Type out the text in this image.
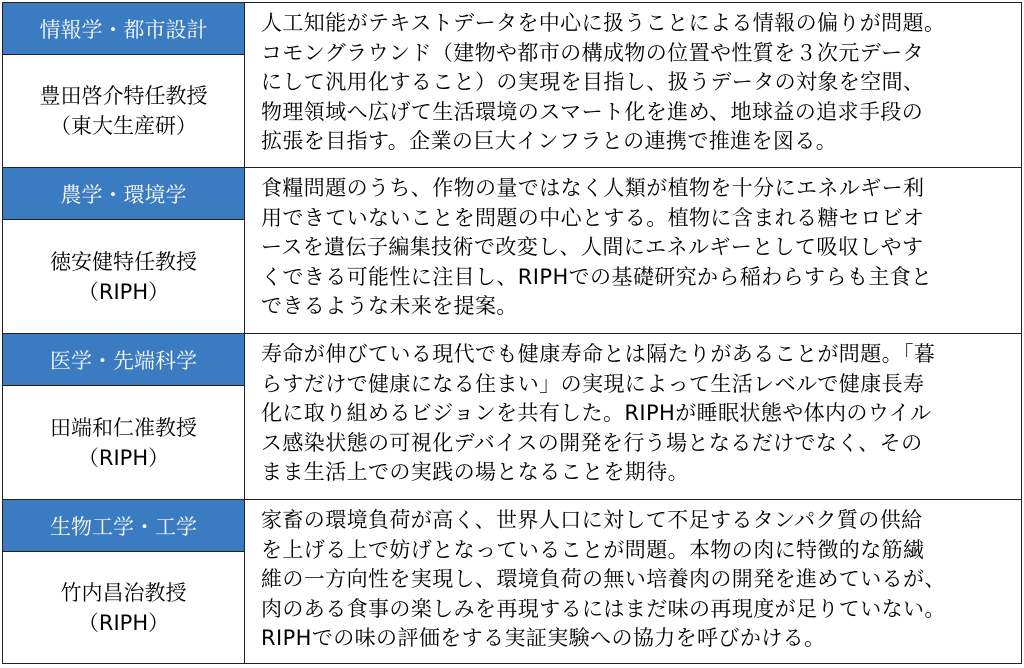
情報学・都市設計
豊田啓介特任教授
（東大生産研）
人工知能がテキストデータを中心に扱うことによる情報の偏りが問題。
コモングラウンド（建物や都市の構成物の位置や性質を３次元データ
にして汎用化すること）の実現を目指し、扱うデータの対象を空間、
物理領域へ広げて生活環境のスマート化を進め、地球益の追求手段の
拡張を目指す。企業の巨大インフラとの連携で推進を図る。
農学・環境学
徳安健特任教授
（RIPH）
食糧問題のうち、作物の量ではなく人類が植物を十分にエネルギー利
用できていないことを問題の中心とする。植物に含まれる糖セロビオ
ースを遺伝子編集技術で改変し、人間にエネルギーとして吸収しやす
くできる可能性に注目し、RIPHでの基礎研究から稲わらすらも主食と
できるような未来を提案。
医学・先端科学
田端和仁准教授
（RIPH）
寿命が伸びている現代でも健康寿命とは隔たりがあることが問題。「暮
らすだけで健康になる住まい」の実現によって生活レベルで健康長寿
化に取り組めるビジョンを共有した。RIPHが睡眠状態や体内のウイル
ス感染状態の可視化デバイスの開発を行う場となるだけでなく、その
まま生活上での実践の場となることを期待。
生物工学・工学
竹内昌治教授
（RIPH）
家畜の環境負荷が高く、世界人口に対して不足するタンパク質の供給
を上げる上で妨げとなっていることが問題。本物の肉に特徴的な筋繊
維の一方向性を実現し、環境負荷の無い培養肉の開発を進めているが、
肉のある食事の楽しみを再現するにはまだ味の再現度が足りていない。
RIPHでの味の評価をする実証実験への協力を呼びかける。
